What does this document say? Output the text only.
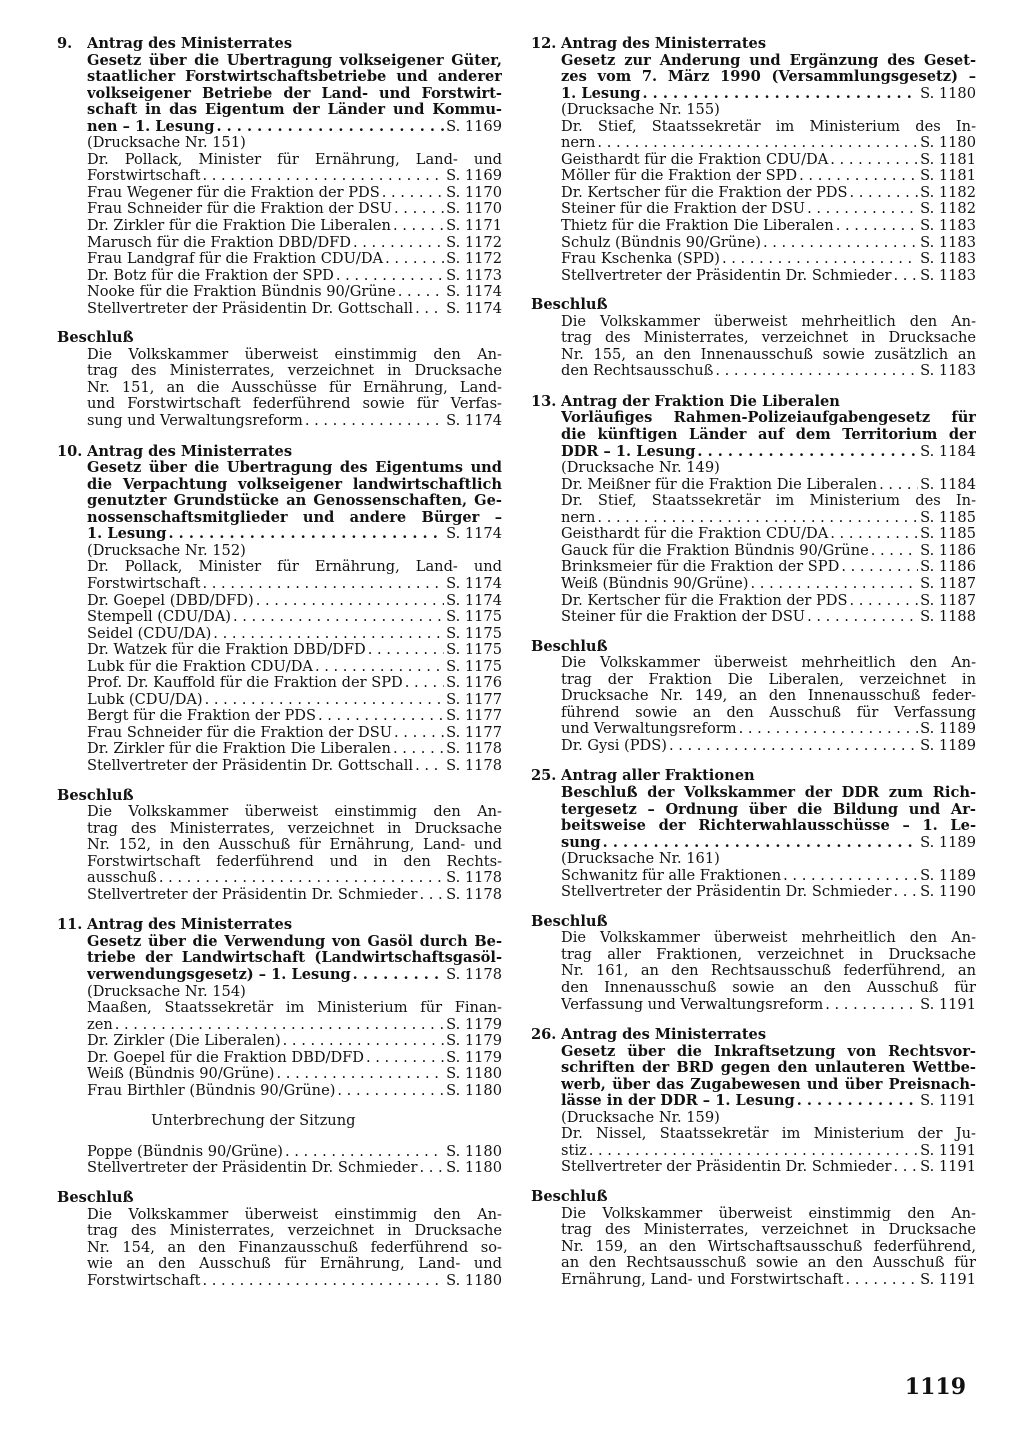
9. Antrag des Ministerrates
Gesetz über die Übertragung volkseigener Güter,
staatlicher Forstwirtschaftsbetriebe und anderer
volkseigener Betriebe der Land- und Forstwirt-
schaft in das Eigentum der Länder und Kommu-
nen – 1. Lesung . . .	S. 1169
(Drucksache Nr. 151)
Dr. Pollack, Minister für Ernährung, Land- und
Forstwirtschaft . . .	S. 1169
Frau Wegener für die Fraktion der PDS . . .	S. 1170
Frau Schneider für die Fraktion der DSU . . .	S. 1170
Dr. Zirkler für die Fraktion Die Liberalen . . .	S. 1171
Marusch für die Fraktion DBD/DFD . . .	S. 1172
Frau Landgraf für die Fraktion CDU/DA . . .	S. 1172
Dr. Botz für die Fraktion der SPD . . .	S. 1173
Nooke für die Fraktion Bündnis 90/Grüne . . .	S. 1174
Stellvertreter der Präsidentin Dr. Gottschall . . . S. 1174
Beschluß
Die Volkskammer überweist einstimmig den An-
trag des Ministerrates, verzeichnet in Drucksache
Nr. 151, an die Ausschüsse für Ernährung, Land-
und Forstwirtschaft federführend sowie für Verfas-
sung und Verwaltungsreform . . .	S. 1174
10. Antrag des Ministerrates
Gesetz über die Übertragung des Eigentums und
die Verpachtung volkseigener landwirtschaftlich
genutzter Grundstücke an Genossenschaften, Ge-
nossenschaftsmitglieder und andere Bürger –
1. Lesung . . .	S. 1174
(Drucksache Nr. 152)
Dr. Pollack, Minister für Ernährung, Land- und
Forstwirtschaft . . .	S. 1174
Dr. Goepel (DBD/DFD) . . .	S. 1174
Stempell (CDU/DA) . . .	S. 1175
Seidel (CDU/DA) . . .	S. 1175
Dr. Watzek für die Fraktion DBD/DFD . . .	S. 1175
Lubk für die Fraktion CDU/DA . . .	S. 1175
Prof. Dr. Kauffold für die Fraktion der SPD . . .	S. 1176
Lubk (CDU/DA) . . .	S. 1177
Bergt für die Fraktion der PDS . . .	S. 1177
Frau Schneider für die Fraktion der DSU . . .	S. 1177
Dr. Zirkler für die Fraktion Die Liberalen . . .	S. 1178
Stellvertreter der Präsidentin Dr. Gottschall . . . S. 1178
Beschluß
Die Volkskammer überweist einstimmig den An-
trag des Ministerrates, verzeichnet in Drucksache
Nr. 152, in den Ausschuß für Ernährung, Land- und
Forstwirtschaft federführend und in den Rechts-
ausschuß . . .	S. 1178
Stellvertreter der Präsidentin Dr. Schmieder . . . S. 1178
11. Antrag des Ministerrates
Gesetz über die Verwendung von Gasöl durch Be-
triebe der Landwirtschaft (Landwirtschaftsgasöl-
verwendungsgesetz) – 1. Lesung . . .	S. 1178
(Drucksache Nr. 154)
Maaßen, Staatssekretär im Ministerium für Finan-
zen . . .	S. 1179
Dr. Zirkler (Die Liberalen) . . .	S. 1179
Dr. Goepel für die Fraktion DBD/DFD . . .	S. 1179
Weiß (Bündnis 90/Grüne) . . .	S. 1180
Frau Birthler (Bündnis 90/Grüne) . . .	S. 1180
Unterbrechung der Sitzung
Poppe (Bündnis 90/Grüne) . . .	S. 1180
Stellvertreter der Präsidentin Dr. Schmieder . . . S. 1180
Beschluß
Die Volkskammer überweist einstimmig den An-
trag des Ministerrates, verzeichnet in Drucksache
Nr. 154, an den Finanzausschuß federführend so-
wie an den Ausschuß für Ernährung, Land- und
Forstwirtschaft . . .	S. 1180
12. Antrag des Ministerrates
Gesetz zur Änderung und Ergänzung des Geset-
zes vom 7. März 1990 (Versammlungsgesetz) –
1. Lesung . . .	S. 1180
(Drucksache Nr. 155)
Dr. Stief, Staatssekretär im Ministerium des In-
nern . . .	S. 1180
Geisthardt für die Fraktion CDU/DA . . .	S. 1181
Möller für die Fraktion der SPD . . .	S. 1181
Dr. Kertscher für die Fraktion der PDS . . .	S. 1182
Steiner für die Fraktion der DSU . . .	S. 1182
Thietz für die Fraktion Die Liberalen . . .	S. 1183
Schulz (Bündnis 90/Grüne) . . .	S. 1183
Frau Kschenka (SPD) . . .	S. 1183
Stellvertreter der Präsidentin Dr. Schmieder . . . S. 1183
Beschluß
Die Volkskammer überweist mehrheitlich den An-
trag des Ministerrates, verzeichnet in Drucksache
Nr. 155, an den Innenausschuß sowie zusätzlich an
den Rechtsausschuß . . .	S. 1183
13. Antrag der Fraktion Die Liberalen
Vorläufiges Rahmen-Polizeiaufgabengesetz für
die künftigen Länder auf dem Territorium der
DDR – 1. Lesung . . .	S. 1184
(Drucksache Nr. 149)
Dr. Meißner für die Fraktion Die Liberalen . . .	S. 1184
Dr. Stief, Staatssekretär im Ministerium des In-
nern . . .	S. 1185
Geisthardt für die Fraktion CDU/DA . . .	S. 1185
Gauck für die Fraktion Bündnis 90/Grüne . . .	S. 1186
Brinksmeier für die Fraktion der SPD . . .	S. 1186
Weiß (Bündnis 90/Grüne) . . .	S. 1187
Dr. Kertscher für die Fraktion der PDS . . .	S. 1187
Steiner für die Fraktion der DSU . . .	S. 1188
Beschluß
Die Volkskammer überweist mehrheitlich den An-
trag der Fraktion Die Liberalen, verzeichnet in
Drucksache Nr. 149, an den Innenausschuß feder-
führend sowie an den Ausschuß für Verfassung
und Verwaltungsreform . . .	S. 1189
Dr. Gysi (PDS) . . .	S. 1189
25. Antrag aller Fraktionen
Beschluß der Volkskammer der DDR zum Rich-
tergesetz – Ordnung über die Bildung und Ar-
beitsweise der Richterwahlausschüsse – 1. Le-
sung . . .	S. 1189
(Drucksache Nr. 161)
Schwanitz für alle Fraktionen . . .	S. 1189
Stellvertreter der Präsidentin Dr. Schmieder . . . S. 1190
Beschluß
Die Volkskammer überweist mehrheitlich den An-
trag aller Fraktionen, verzeichnet in Drucksache
Nr. 161, an den Rechtsausschuß federführend, an
den Innenausschuß sowie an den Ausschuß für
Verfassung und Verwaltungsreform . . .	S. 1191
26. Antrag des Ministerrates
Gesetz über die Inkraftsetzung von Rechtsvor-
schriften der BRD gegen den unlauteren Wettbe-
werb, über das Zugabewesen und über Preisnach-
lässe in der DDR – 1. Lesung . . .	S. 1191
(Drucksache Nr. 159)
Dr. Nissel, Staatssekretär im Ministerium der Ju-
stiz . . .	S. 1191
Stellvertreter der Präsidentin Dr. Schmieder . . . S. 1191
Beschluß
Die Volkskammer überweist einstimmig den An-
trag des Ministerrates, verzeichnet in Drucksache
Nr. 159, an den Wirtschaftsausschuß federführend,
an den Rechtsausschuß sowie an den Ausschuß für
Ernährung, Land- und Forstwirtschaft . . .	S. 1191
1119
